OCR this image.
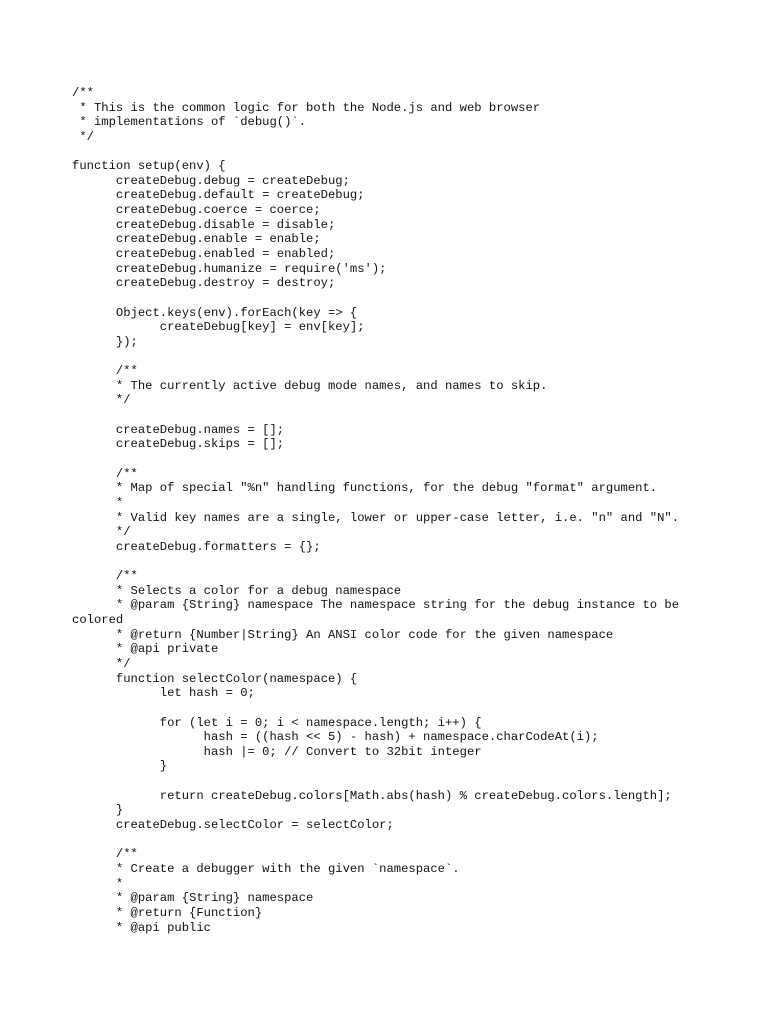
/**
* This is the common logic for both the Node.js and web browser
* implementations of `debug()`.
*/
function setup(env) {
createDebug.debug = createDebug;
createDebug.default = createDebug;
createDebug.coerce = coerce;
createDebug.disable = disable;
createDebug.enable = enable;
createDebug.enabled = enabled;
createDebug.humanize = require('ms');
createDebug.destroy = destroy;
Object.keys(env).forEach(key => {
createDebug[key] = env[key];
});
/**
* The currently active debug mode names, and names to skip.
*/
createDebug.names = [];
createDebug.skips = [];
/**
* Map of special "%n" handling functions, for the debug "format" argument.
*
* Valid key names are a single, lower or upper-case letter, i.e. "n" and "N".
*/
createDebug.formatters = {};
/**
* Selects a color for a debug namespace
* @param {String} namespace The namespace string for the debug instance to be
colored
* @return {Number|String} An ANSI color code for the given namespace
* @api private
*/
function selectColor(namespace) {
let hash = 0;
for (let i = 0; i < namespace.length; i++) {
hash = ((hash << 5) - hash) + namespace.charCodeAt(i);
hash |= 0; // Convert to 32bit integer
}
return createDebug.colors[Math.abs(hash) % createDebug.colors.length];
}
createDebug.selectColor = selectColor;
/**
* Create a debugger with the given `namespace`.
*
* @param {String} namespace
* @return {Function}
* @api public
